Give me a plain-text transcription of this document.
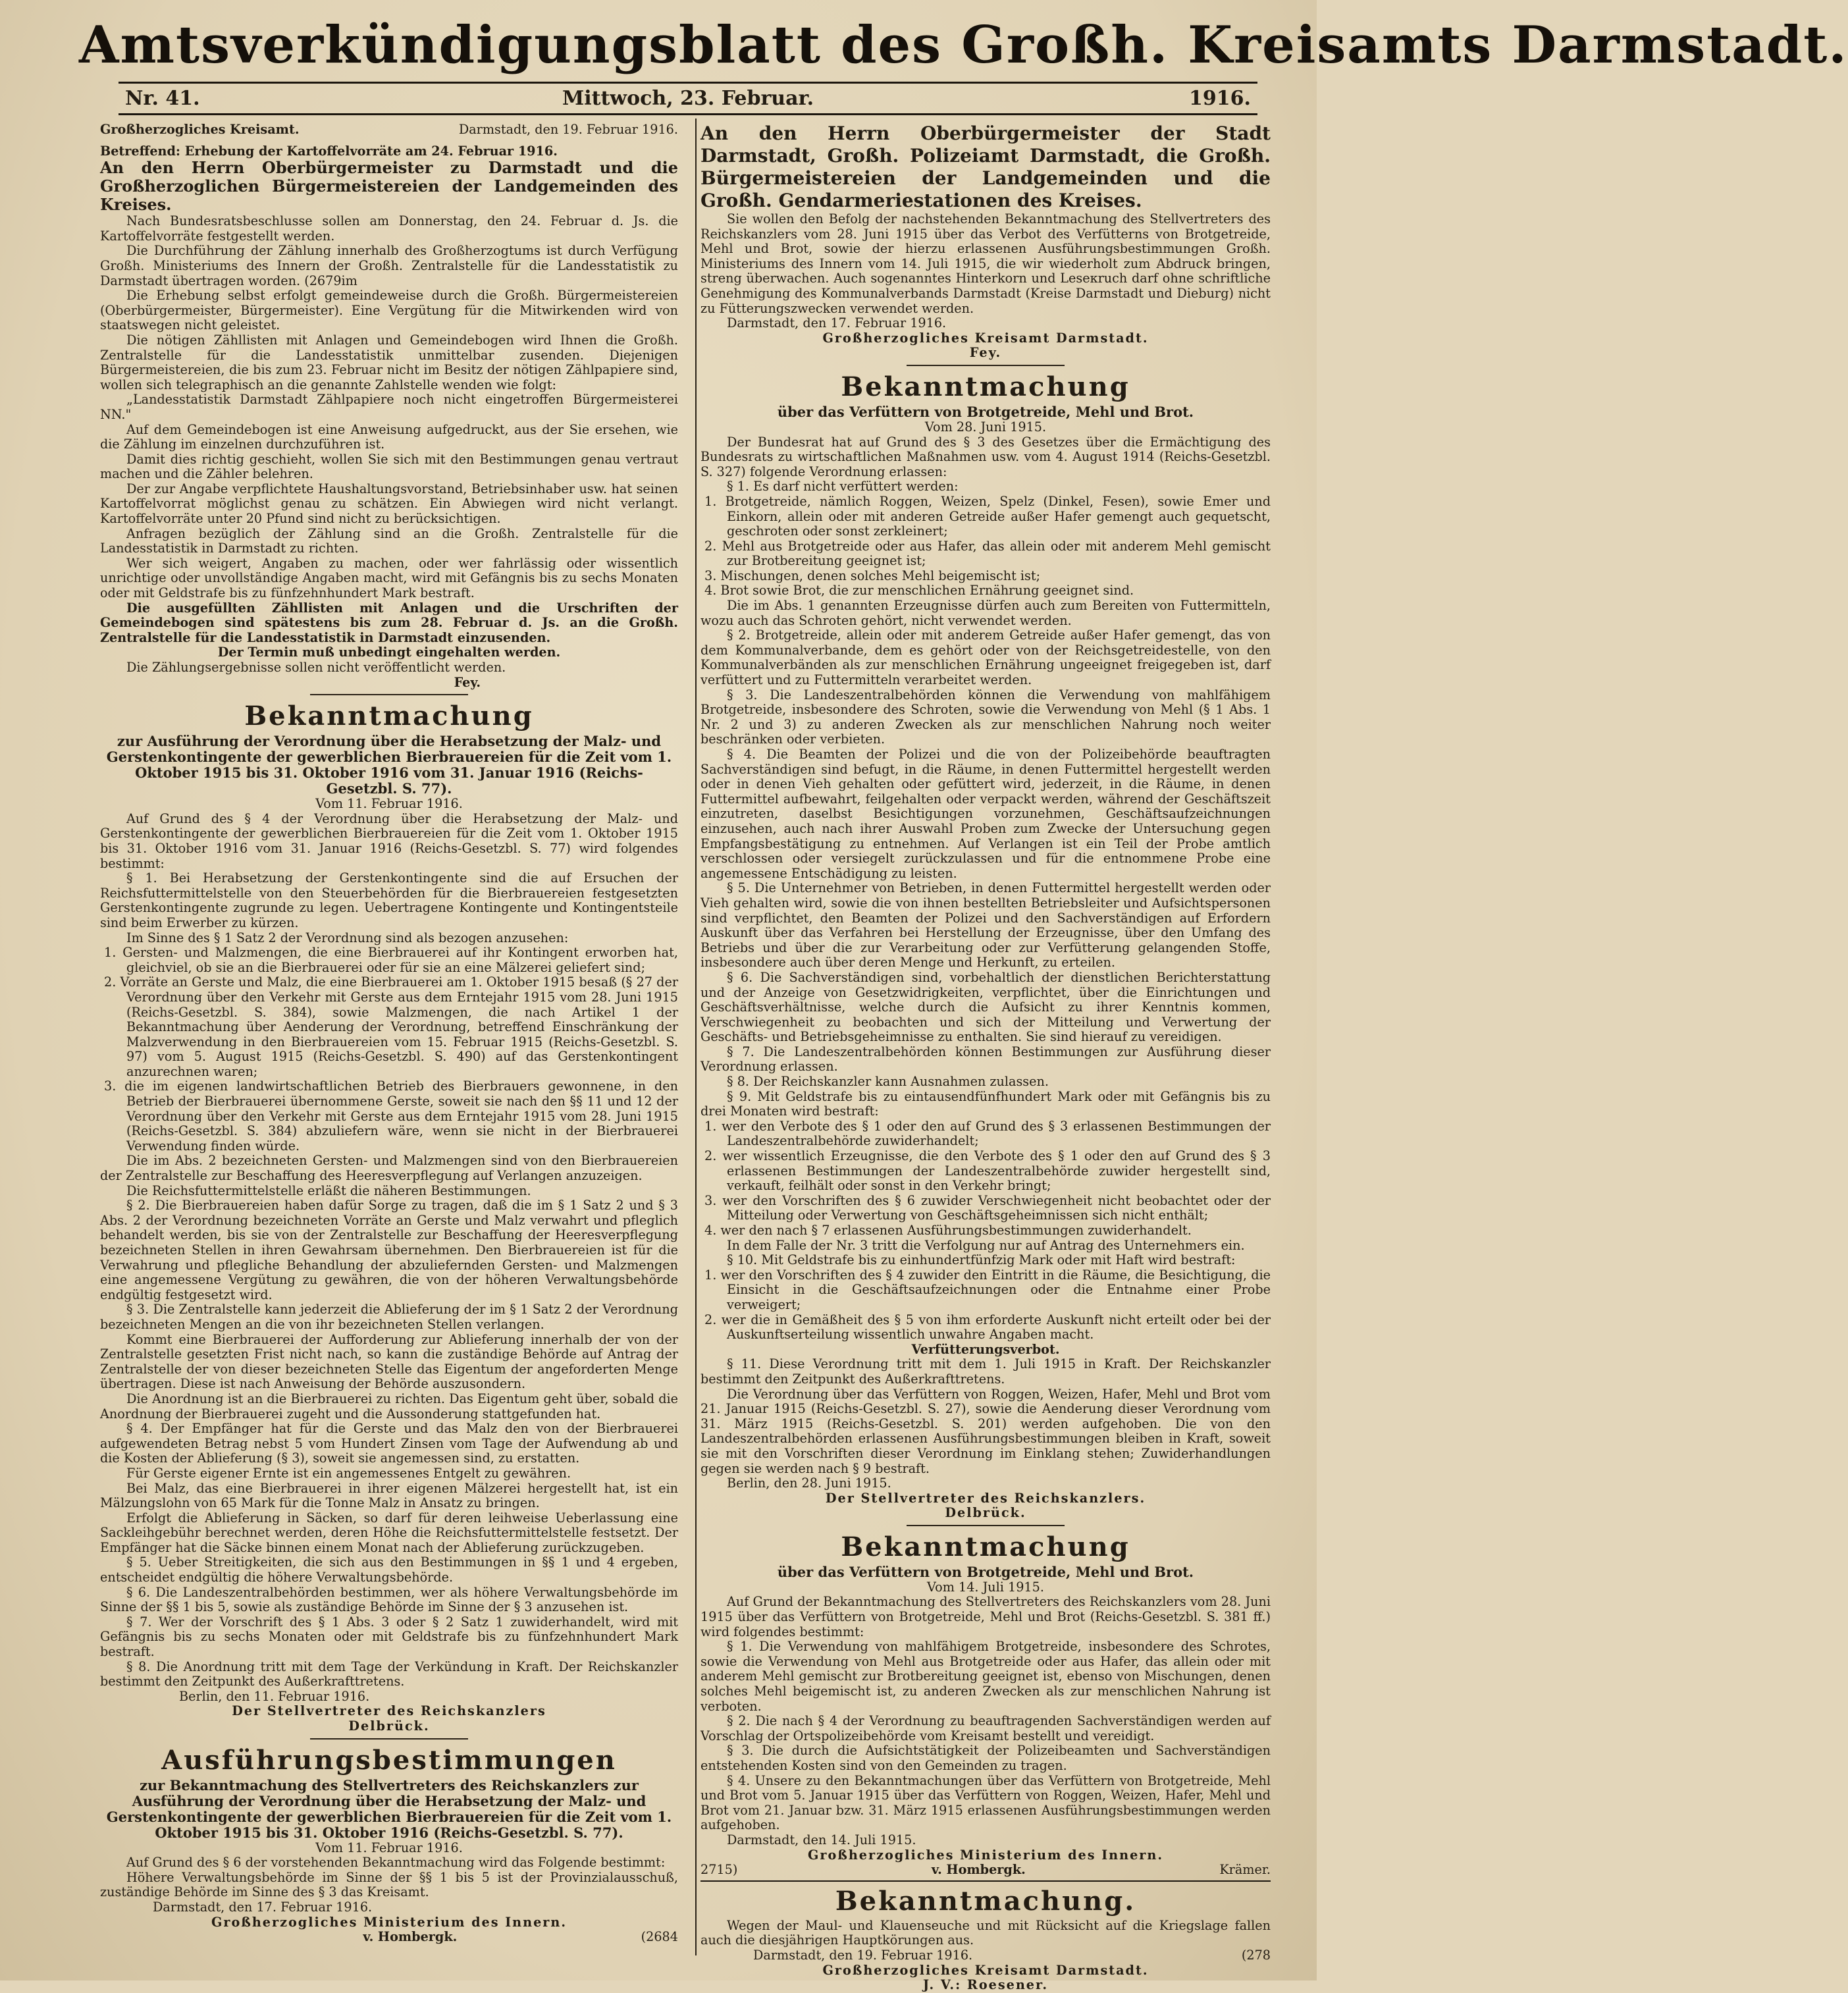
Amtsverkündigungsblatt des Großh. Kreisamts Darmstadt.
Nr. 41.	Mittwoch, 23. Februar.	1916.
Großherzogliches Kreisamt.	Darmstadt, den 19. Februar 1916.

Betreffend: Erhebung der Kartoffelvorräte am 24. Februar 1916.

An den Herrn Oberbürgermeister zu Darmstadt und die Großherzoglichen Bürgermeistereien der Landgemeinden des Kreises.

Nach Bundesratsbeschlusse sollen am Donnerstag, den 24. Februar d. Js. die Kartoffelvorräte festgestellt werden.

Die Durchführung der Zählung innerhalb des Großherzogtums ist durch Verfügung Großh. Ministeriums des Innern der Großh. Zentralstelle für die Landesstatistik zu Darmstadt übertragen worden. (2679im

Die Erhebung selbst erfolgt gemeindeweise durch die Großh. Bürgermeistereien (Oberbürgermeister, Bürgermeister). Eine Vergütung für die Mitwirkenden wird von staatswegen nicht geleistet.

Die nötigen Zähllisten mit Anlagen und Gemeindebogen wird Ihnen die Großh. Zentralstelle für die Landesstatistik unmittelbar zusenden. Diejenigen Bürgermeistereien, die bis zum 23. Februar nicht im Besitz der nötigen Zählpapiere sind, wollen sich telegraphisch an die genannte Zahlstelle wenden wie folgt:

„Landesstatistik Darmstadt Zählpapiere noch nicht eingetroffen Bürgermeisterei NN."

Auf dem Gemeindebogen ist eine Anweisung aufgedruckt, aus der Sie ersehen, wie die Zählung im einzelnen durchzuführen ist.

Damit dies richtig geschieht, wollen Sie sich mit den Bestimmungen genau vertraut machen und die Zähler belehren.

Der zur Angabe verpflichtete Haushaltungsvorstand, Betriebsinhaber usw. hat seinen Kartoffelvorrat möglichst genau zu schätzen. Ein Abwiegen wird nicht verlangt. Kartoffelvorräte unter 20 Pfund sind nicht zu berücksichtigen.

Anfragen bezüglich der Zählung sind an die Großh. Zentralstelle für die Landesstatistik in Darmstadt zu richten.

Wer sich weigert, Angaben zu machen, oder wer fahrlässig oder wissentlich unrichtige oder unvollständige Angaben macht, wird mit Gefängnis bis zu sechs Monaten oder mit Geldstrafe bis zu fünfzehnhundert Mark bestraft.

Die ausgefüllten Zähllisten mit Anlagen und die Urschriften der Gemeindebogen sind spätestens bis zum 28. Februar d. Js. an die Großh. Zentralstelle für die Landesstatistik in Darmstadt einzusenden.

Der Termin muß unbedingt eingehalten werden.

Die Zählungsergebnisse sollen nicht veröffentlicht werden.

Fey.

Bekanntmachung

zur Ausführung der Verordnung über die Herabsetzung der Malz- und Gerstenkontingente der gewerblichen Bierbrauereien für die Zeit vom 1. Oktober 1915 bis 31. Oktober 1916 vom 31. Januar 1916 (Reichs-Gesetzbl. S. 77).

Vom 11. Februar 1916.

Auf Grund des § 4 der Verordnung über die Herabsetzung der Malz- und Gerstenkontingente der gewerblichen Bierbrauereien für die Zeit vom 1. Oktober 1915 bis 31. Oktober 1916 vom 31. Januar 1916 (Reichs-Gesetzbl. S. 77) wird folgendes bestimmt:

§ 1. Bei Herabsetzung der Gerstenkontingente sind die auf Ersuchen der Reichsfuttermittelstelle von den Steuerbehörden für die Bierbrauereien festgesetzten Gerstenkontingente zugrunde zu legen. Uebertragene Kontingente und Kontingentsteile sind beim Erwerber zu kürzen.

Im Sinne des § 1 Satz 2 der Verordnung sind als bezogen anzusehen:

1. Gersten- und Malzmengen, die eine Bierbrauerei auf ihr Kontingent erworben hat, gleichviel, ob sie an die Bierbrauerei oder für sie an eine Mälzerei geliefert sind;

2. Vorräte an Gerste und Malz, die eine Bierbrauerei am 1. Oktober 1915 besaß (§ 27 der Verordnung über den Verkehr mit Gerste aus dem Erntejahr 1915 vom 28. Juni 1915 (Reichs-Gesetzbl. S. 384), sowie Malzmengen, die nach Artikel 1 der Bekanntmachung über Aenderung der Verordnung, betreffend Einschränkung der Malzverwendung in den Bierbrauereien vom 15. Februar 1915 (Reichs-Gesetzbl. S. 97) vom 5. August 1915 (Reichs-Gesetzbl. S. 490) auf das Gerstenkontingent anzurechnen waren;

3. die im eigenen landwirtschaftlichen Betrieb des Bierbrauers gewonnene, in den Betrieb der Bierbrauerei übernommene Gerste, soweit sie nach den §§ 11 und 12 der Verordnung über den Verkehr mit Gerste aus dem Erntejahr 1915 vom 28. Juni 1915 (Reichs-Gesetzbl. S. 384) abzuliefern wäre, wenn sie nicht in der Bierbrauerei Verwendung finden würde.

Die im Abs. 2 bezeichneten Gersten- und Malzmengen sind von den Bierbrauereien der Zentralstelle zur Beschaffung des Heeresverpflegung auf Verlangen anzuzeigen.

Die Reichsfuttermittelstelle erläßt die näheren Bestimmungen.

§ 2. Die Bierbrauereien haben dafür Sorge zu tragen, daß die im § 1 Satz 2 und § 3 Abs. 2 der Verordnung bezeichneten Vorräte an Gerste und Malz verwahrt und pfleglich behandelt werden, bis sie von der Zentralstelle zur Beschaffung der Heeresverpflegung bezeichneten Stellen in ihren Gewahrsam übernehmen. Den Bierbrauereien ist für die Verwahrung und pflegliche Behandlung der abzuliefernden Gersten- und Malzmengen eine angemessene Vergütung zu gewähren, die von der höheren Verwaltungsbehörde endgültig festgesetzt wird.

§ 3. Die Zentralstelle kann jederzeit die Ablieferung der im § 1 Satz 2 der Verordnung bezeichneten Mengen an die von ihr bezeichneten Stellen verlangen.

Kommt eine Bierbrauerei der Aufforderung zur Ablieferung innerhalb der von der Zentralstelle gesetzten Frist nicht nach, so kann die zuständige Behörde auf Antrag der Zentralstelle der von dieser bezeichneten Stelle das Eigentum der angeforderten Menge übertragen. Diese ist nach Anweisung der Behörde auszusondern.

Die Anordnung ist an die Bierbrauerei zu richten. Das Eigentum geht über, sobald die Anordnung der Bierbrauerei zugeht und die Aussonderung stattgefunden hat.

§ 4. Der Empfänger hat für die Gerste und das Malz den von der Bierbrauerei aufgewendeten Betrag nebst 5 vom Hundert Zinsen vom Tage der Aufwendung ab und die Kosten der Ablieferung (§ 3), soweit sie angemessen sind, zu erstatten.

Für Gerste eigener Ernte ist ein angemessenes Entgelt zu gewähren.

Bei Malz, das eine Bierbrauerei in ihrer eigenen Mälzerei hergestellt hat, ist ein Mälzungslohn von 65 Mark für die Tonne Malz in Ansatz zu bringen.

Erfolgt die Ablieferung in Säcken, so darf für deren leihweise Ueberlassung eine Sackleihgebühr berechnet werden, deren Höhe die Reichsfuttermittelstelle festsetzt. Der Empfänger hat die Säcke binnen einem Monat nach der Ablieferung zurückzugeben.

§ 5. Ueber Streitigkeiten, die sich aus den Bestimmungen in §§ 1 und 4 ergeben, entscheidet endgültig die höhere Verwaltungsbehörde.

§ 6. Die Landeszentralbehörden bestimmen, wer als höhere Verwaltungsbehörde im Sinne der §§ 1 bis 5, sowie als zuständige Behörde im Sinne der § 3 anzusehen ist.

§ 7. Wer der Vorschrift des § 1 Abs. 3 oder § 2 Satz 1 zuwiderhandelt, wird mit Gefängnis bis zu sechs Monaten oder mit Geldstrafe bis zu fünfzehnhundert Mark bestraft.

§ 8. Die Anordnung tritt mit dem Tage der Verkündung in Kraft. Der Reichskanzler bestimmt den Zeitpunkt des Außerkrafttretens.

Berlin, den 11. Februar 1916.

Der Stellvertreter des Reichskanzlers

Delbrück.

Ausführungsbestimmungen

zur Bekanntmachung des Stellvertreters des Reichskanzlers zur Ausführung der Verordnung über die Herabsetzung der Malz- und Gerstenkontingente der gewerblichen Bierbrauereien für die Zeit vom 1. Oktober 1915 bis 31. Oktober 1916 (Reichs-Gesetzbl. S. 77).

Vom 11. Februar 1916.

Auf Grund des § 6 der vorstehenden Bekanntmachung wird das Folgende bestimmt:

Höhere Verwaltungsbehörde im Sinne der §§ 1 bis 5 ist der Provinzialausschuß, zuständige Behörde im Sinne des § 3 das Kreisamt.

Darmstadt, den 17. Februar 1916.

Großherzogliches Ministerium des Innern.

v. Hombergk.	(2684

An den Herrn Oberbürgermeister der Stadt Darmstadt, Großh. Polizeiamt Darmstadt, die Großh. Bürgermeistereien der Landgemeinden und die Großh. Gendarmeriestationen des Kreises.

Sie wollen den Befolg der nachstehenden Bekanntmachung des Stellvertreters des Reichskanzlers vom 28. Juni 1915 über das Verbot des Verfütterns von Brotgetreide, Mehl und Brot, sowie der hierzu erlassenen Ausführungsbestimmungen Großh. Ministeriums des Innern vom 14. Juli 1915, die wir wiederholt zum Abdruck bringen, streng überwachen. Auch sogenanntes Hinterkorn und Leseкruch darf ohne schriftliche Genehmigung des Kommunalverbands Darmstadt (Kreise Darmstadt und Dieburg) nicht zu Fütterungszwecken verwendet werden.

Darmstadt, den 17. Februar 1916.

Großherzogliches Kreisamt Darmstadt.

Fey.

Bekanntmachung

über das Verfüttern von Brotgetreide, Mehl und Brot.

Vom 28. Juni 1915.

Der Bundesrat hat auf Grund des § 3 des Gesetzes über die Ermächtigung des Bundesrats zu wirtschaftlichen Maßnahmen usw. vom 4. August 1914 (Reichs-Gesetzbl. S. 327) folgende Verordnung erlassen:

§ 1. Es darf nicht verfüttert werden:

1. Brotgetreide, nämlich Roggen, Weizen, Spelz (Dinkel, Fesen), sowie Emer und Einkorn, allein oder mit anderen Getreide außer Hafer gemengt auch gequetscht, geschroten oder sonst zerkleinert;

2. Mehl aus Brotgetreide oder aus Hafer, das allein oder mit anderem Mehl gemischt zur Brotbereitung geeignet ist;

3. Mischungen, denen solches Mehl beigemischt ist;

4. Brot sowie Brot, die zur menschlichen Ernährung geeignet sind.

Die im Abs. 1 genannten Erzeugnisse dürfen auch zum Bereiten von Futtermitteln, wozu auch das Schroten gehört, nicht verwendet werden.

§ 2. Brotgetreide, allein oder mit anderem Getreide außer Hafer gemengt, das von dem Kommunalverbande, dem es gehört oder von der Reichsgetreidestelle, von den Kommunalverbänden als zur menschlichen Ernährung ungeeignet freigegeben ist, darf verfüttert und zu Futtermitteln verarbeitet werden.

§ 3. Die Landeszentralbehörden können die Verwendung von mahlfähigem Brotgetreide, insbesondere des Schroten, sowie die Verwendung von Mehl (§ 1 Abs. 1 Nr. 2 und 3) zu anderen Zwecken als zur menschlichen Nahrung noch weiter beschränken oder verbieten.

§ 4. Die Beamten der Polizei und die von der Polizeibehörde beauftragten Sachverständigen sind befugt, in die Räume, in denen Futtermittel hergestellt werden oder in denen Vieh gehalten oder gefüttert wird, jederzeit, in die Räume, in denen Futtermittel aufbewahrt, feilgehalten oder verpackt werden, während der Geschäftszeit einzutreten, daselbst Besichtigungen vorzunehmen, Geschäftsaufzeichnungen einzusehen, auch nach ihrer Auswahl Proben zum Zwecke der Untersuchung gegen Empfangsbestätigung zu entnehmen. Auf Verlangen ist ein Teil der Probe amtlich verschlossen oder versiegelt zurückzulassen und für die entnommene Probe eine angemessene Entschädigung zu leisten.

§ 5. Die Unternehmer von Betrieben, in denen Futtermittel hergestellt werden oder Vieh gehalten wird, sowie die von ihnen bestellten Betriebsleiter und Aufsichtspersonen sind verpflichtet, den Beamten der Polizei und den Sachverständigen auf Erfordern Auskunft über das Verfahren bei Herstellung der Erzeugnisse, über den Umfang des Betriebs und über die zur Verarbeitung oder zur Verfütterung gelangenden Stoffe, insbesondere auch über deren Menge und Herkunft, zu erteilen.

§ 6. Die Sachverständigen sind, vorbehaltlich der dienstlichen Berichterstattung und der Anzeige von Gesetzwidrigkeiten, verpflichtet, über die Einrichtungen und Geschäftsverhältnisse, welche durch die Aufsicht zu ihrer Kenntnis kommen, Verschwiegenheit zu beobachten und sich der Mitteilung und Verwertung der Geschäfts- und Betriebsgeheimnisse zu enthalten. Sie sind hierauf zu vereidigen.

§ 7. Die Landeszentralbehörden können Bestimmungen zur Ausführung dieser Verordnung erlassen.

§ 8. Der Reichskanzler kann Ausnahmen zulassen.

§ 9. Mit Geldstrafe bis zu eintausendfünfhundert Mark oder mit Gefängnis bis zu drei Monaten wird bestraft:

1. wer den Verbote des § 1 oder den auf Grund des § 3 erlassenen Bestimmungen der Landeszentralbehörde zuwiderhandelt;

2. wer wissentlich Erzeugnisse, die den Verbote des § 1 oder den auf Grund des § 3 erlassenen Bestimmungen der Landeszentralbehörde zuwider hergestellt sind, verkauft, feilhält oder sonst in den Verkehr bringt;

3. wer den Vorschriften des § 6 zuwider Verschwiegenheit nicht beobachtet oder der Mitteilung oder Verwertung von Geschäftsgeheimnissen sich nicht enthält;

4. wer den nach § 7 erlassenen Ausführungsbestimmungen zuwiderhandelt.

In dem Falle der Nr. 3 tritt die Verfolgung nur auf Antrag des Unternehmers ein.

§ 10. Mit Geldstrafe bis zu einhundertfünfzig Mark oder mit Haft wird bestraft:

1. wer den Vorschriften des § 4 zuwider den Eintritt in die Räume, die Besichtigung, die Einsicht in die Geschäftsaufzeichnungen oder die Entnahme einer Probe verweigert;

2. wer die in Gemäßheit des § 5 von ihm erforderte Auskunft nicht erteilt oder bei der Auskunftserteilung wissentlich unwahre Angaben macht.

Verfütterungsverbot.

§ 11. Diese Verordnung tritt mit dem 1. Juli 1915 in Kraft. Der Reichskanzler bestimmt den Zeitpunkt des Außerkrafttretens.

Die Verordnung über das Verfüttern von Roggen, Weizen, Hafer, Mehl und Brot vom 21. Januar 1915 (Reichs-Gesetzbl. S. 27), sowie die Aenderung dieser Verordnung vom 31. März 1915 (Reichs-Gesetzbl. S. 201) werden aufgehoben. Die von den Landeszentralbehörden erlassenen Ausführungsbestimmungen bleiben in Kraft, soweit sie mit den Vorschriften dieser Verordnung im Einklang stehen; Zuwiderhandlungen gegen sie werden nach § 9 bestraft.

Berlin, den 28. Juni 1915.

Der Stellvertreter des Reichskanzlers.

Delbrück.

Bekanntmachung

über das Verfüttern von Brotgetreide, Mehl und Brot.

Vom 14. Juli 1915.

Auf Grund der Bekanntmachung des Stellvertreters des Reichskanzlers vom 28. Juni 1915 über das Verfüttern von Brotgetreide, Mehl und Brot (Reichs-Gesetzbl. S. 381 ff.) wird folgendes bestimmt:

§ 1. Die Verwendung von mahlfähigem Brotgetreide, insbesondere des Schrotes, sowie die Verwendung von Mehl aus Brotgetreide oder aus Hafer, das allein oder mit anderem Mehl gemischt zur Brotbereitung geeignet ist, ebenso von Mischungen, denen solches Mehl beigemischt ist, zu anderen Zwecken als zur menschlichen Nahrung ist verboten.

§ 2. Die nach § 4 der Verordnung zu beauftragenden Sachverständigen werden auf Vorschlag der Ortspolizeibehörde vom Kreisamt bestellt und vereidigt.

§ 3. Die durch die Aufsichtstätigkeit der Polizeibeamten und Sachverständigen entstehenden Kosten sind von den Gemeinden zu tragen.

§ 4. Unsere zu den Bekanntmachungen über das Verfüttern von Brotgetreide, Mehl und Brot vom 5. Januar 1915 über das Verfüttern von Roggen, Weizen, Hafer, Mehl und Brot vom 21. Januar bzw. 31. März 1915 erlassenen Ausführungsbestimmungen werden aufgehoben.

Darmstadt, den 14. Juli 1915.

Großherzogliches Ministerium des Innern.

2715)	v. Hombergk.	Krämer.

Bekanntmachung.

Wegen der Maul- und Klauenseuche und mit Rücksicht auf die Kriegslage fallen auch die diesjährigen Hauptkörungen aus.

Darmstadt, den 19. Februar 1916.	(278

Großherzogliches Kreisamt Darmstadt.

J. V.: Roesener.
